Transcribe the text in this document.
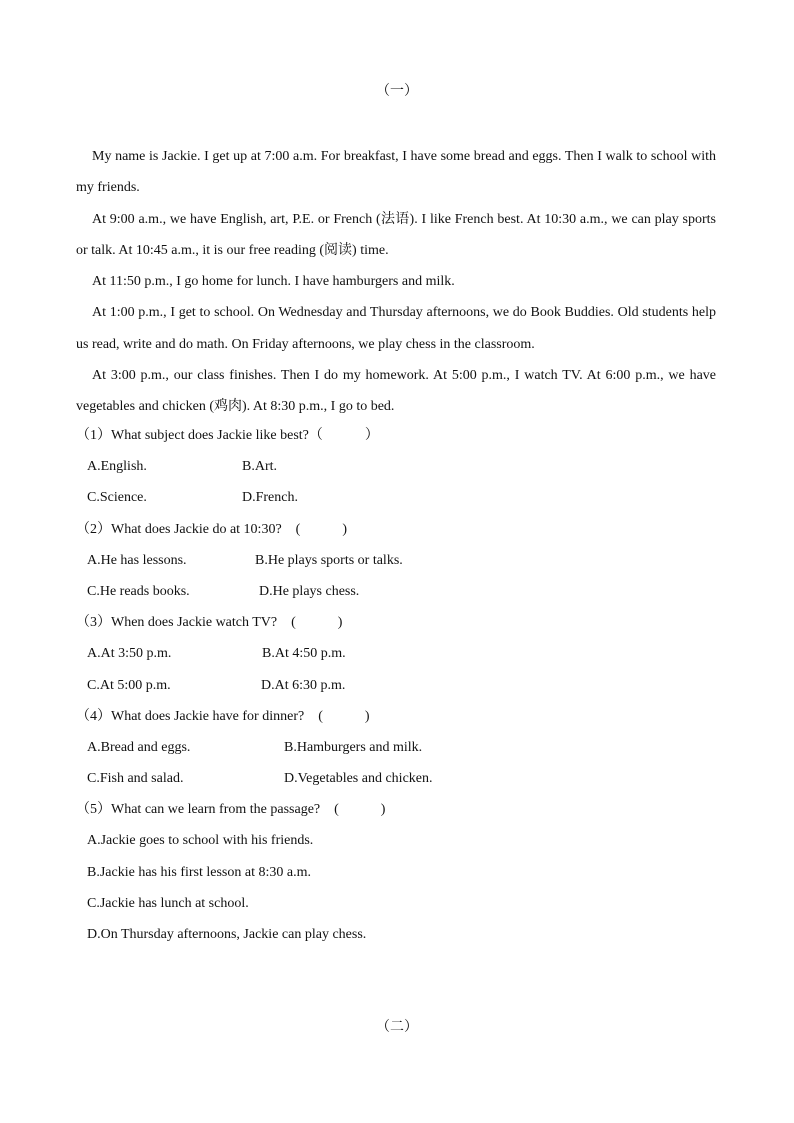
（一）

My name is Jackie. I get up at 7:00 a.m. For breakfast, I have some bread and eggs. Then I walk to school with my friends.

At 9:00 a.m., we have English, art, P.E. or French (法语). I like French best. At 10:30 a.m., we can play sports or talk. At 10:45 a.m., it is our free reading (阅读) time.

At 11:50 p.m., I go home for lunch. I have hamburgers and milk.

At 1:00 p.m., I get to school. On Wednesday and Thursday afternoons, we do Book Buddies. Old students help us read, write and do math. On Friday afternoons, we play chess in the classroom.

At 3:00 p.m., our class finishes. Then I do my homework. At 5:00 p.m., I watch TV. At 6:00 p.m., we have vegetables and chicken (鸡肉). At 8:30 p.m., I go to bed.

（1）What subject does Jackie like best?（　　　）
A.English.	B.Art.
C.Science.	D.French.
（2）What does Jackie do at 10:30?　(　　　)
A.He has lessons.	B.He plays sports or talks.
C.He reads books.	D.He plays chess.
（3）When does Jackie watch TV?　(　　　)
A.At 3:50 p.m.	B.At 4:50 p.m.
C.At 5:00 p.m.	D.At 6:30 p.m.
（4）What does Jackie have for dinner?　(　　　)
A.Bread and eggs.	B.Hamburgers and milk.
C.Fish and salad.	D.Vegetables and chicken.
（5）What can we learn from the passage?　(　　　)
A.Jackie goes to school with his friends.
B.Jackie has his first lesson at 8:30 a.m.
C.Jackie has lunch at school.
D.On Thursday afternoons, Jackie can play chess.
（二）
